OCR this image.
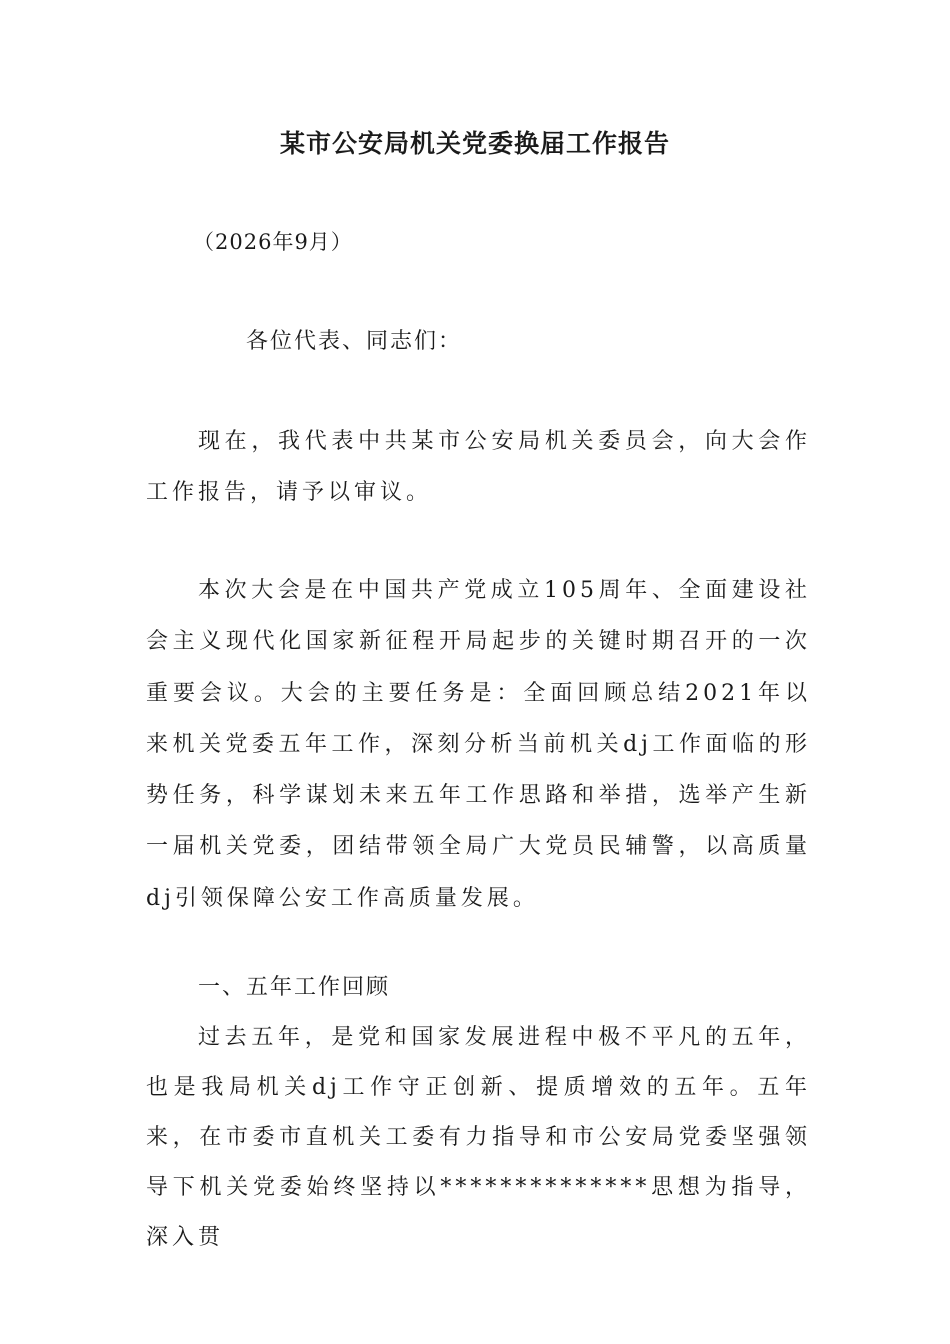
某市公安局机关党委换届工作报告
（2026年9月）
各位代表、同志们：

现在，我代表中共某市公安局机关委员会，向大会作工作报告，请予以审议。

本次大会是在中国共产党成立105周年、全面建设社会主义现代化国家新征程开局起步的关键时期召开的一次重要会议。大会的主要任务是：全面回顾总结2021年以来机关党委五年工作，深刻分析当前机关dj工作面临的形势任务，科学谋划未来五年工作思路和举措，选举产生新一届机关党委，团结带领全局广大党员民辅警，以高质量dj引领保障公安工作高质量发展。

一、五年工作回顾

过去五年，是党和国家发展进程中极不平凡的五年，也是我局机关dj工作守正创新、提质增效的五年。五年来，在市委市直机关工委有力指导和市公安局党委坚强领导下机关党委始终坚持以**************思想为指导，深入贯
